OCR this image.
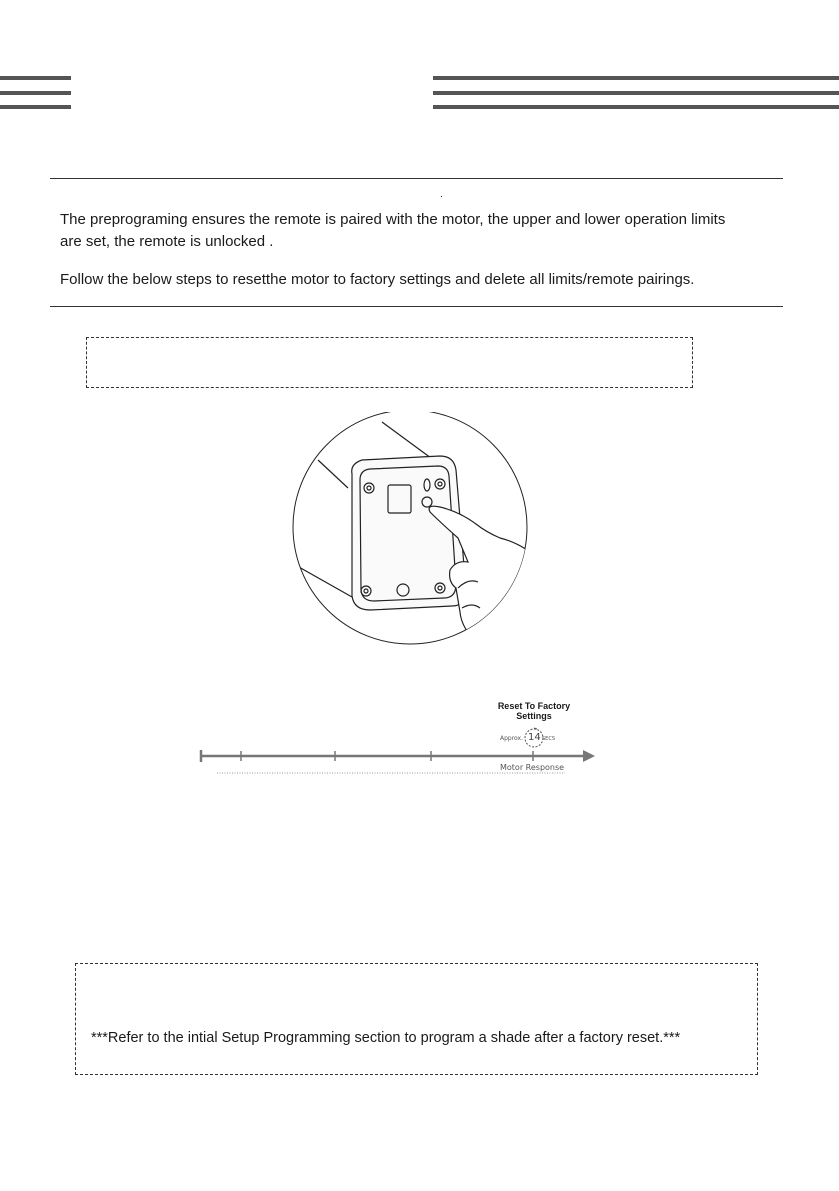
.
The preprograming ensures the remote is paired with the motor, the upper and lower operation limits
are set, the remote is unlocked .
Follow the below steps to resetthe motor to factory settings and delete all limits/remote pairings.
Reset To Factory
Settings
Approx. 14 SECS
Motor Response
***Refer to the intial Setup Programming section to program a shade after a factory reset.***
